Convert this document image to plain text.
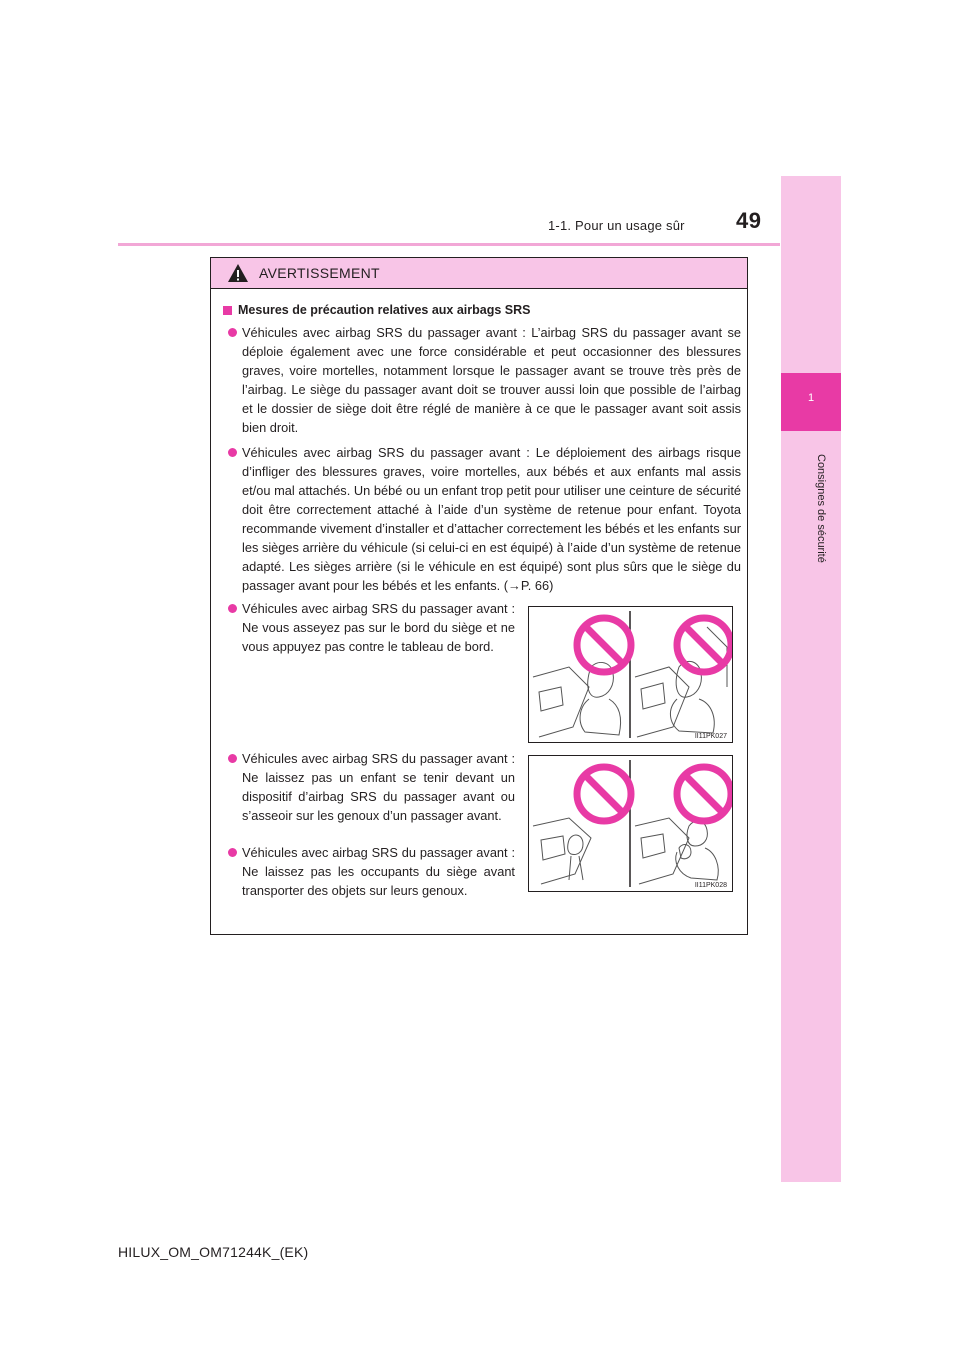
1-1. Pour un usage sûr 49
1
Consignes de sécurité
AVERTISSEMENT
Mesures de précaution relatives aux airbags SRS

Véhicules avec airbag SRS du passager avant : L’airbag SRS du passager avant se déploie également avec une force considérable et peut occasionner des blessures graves, voire mortelles, notamment lorsque le passager avant se trouve très près de l’airbag. Le siège du passager avant doit se trouver aussi loin que possible de l’airbag et le dossier de siège doit être réglé de manière à ce que le passager avant soit assis bien droit.

Véhicules avec airbag SRS du passager avant : Le déploiement des airbags risque d’infliger des blessures graves, voire mortelles, aux bébés et aux enfants mal assis et/ou mal attachés. Un bébé ou un enfant trop petit pour utiliser une ceinture de sécurité doit être correctement attaché à l’aide d’un système de retenue pour enfant. Toyota recommande vivement d’installer et d’attacher correctement les bébés et les enfants sur les sièges arrière du véhicule (si celui-ci en est équipé) à l’aide d’un système de retenue adapté. Les sièges arrière (si le véhicule en est équipé) sont plus sûrs que le siège du passager avant pour les bébés et les enfants. (→P. 66)

Véhicules avec airbag SRS du passager avant : Ne vous asseyez pas sur le bord du siège et ne vous appuyez pas contre le tableau de bord.

Véhicules avec airbag SRS du passager avant : Ne laissez pas un enfant se tenir devant un dispositif d’airbag SRS du passager avant ou s’asseoir sur les genoux d’un passager avant.

Véhicules avec airbag SRS du passager avant : Ne laissez pas les occupants du siège avant transporter des objets sur leurs genoux.

II11PK027
II11PK028
HILUX_OM_OM71244K_(EK)
